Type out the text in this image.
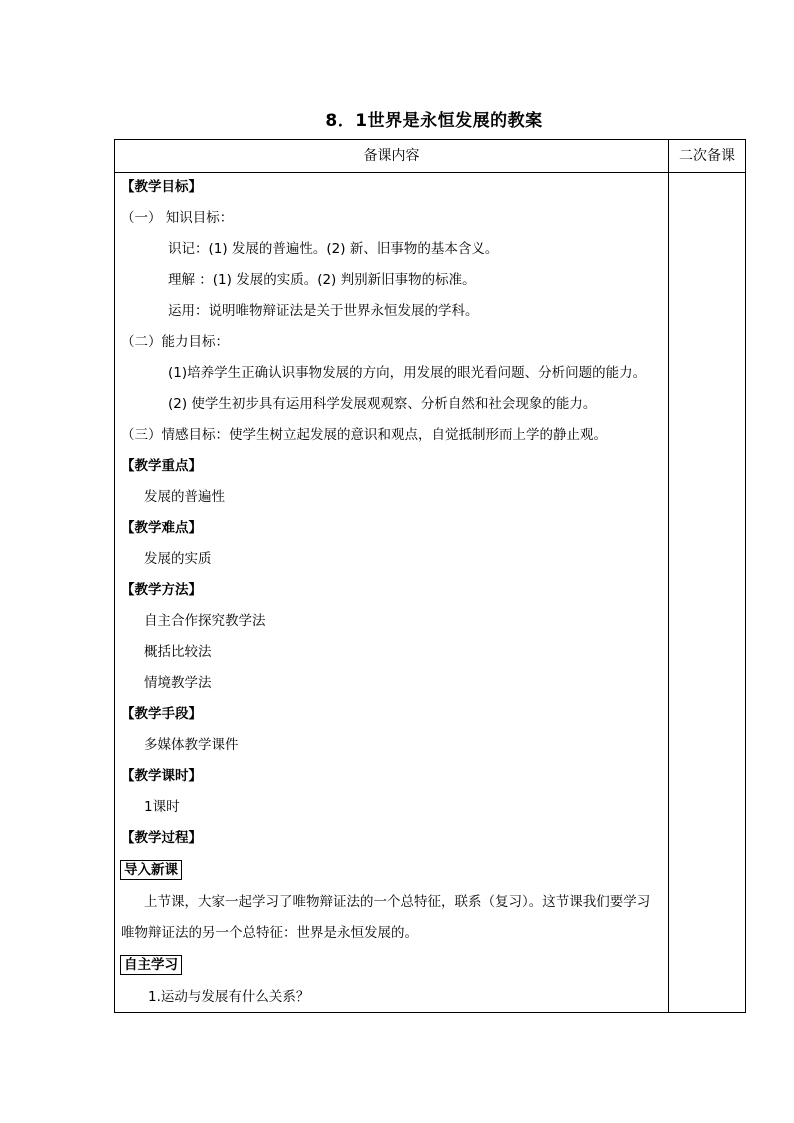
8．1世界是永恒发展的教案
备课内容	二次备课
【教学目标】
（一） 知识目标：
识记：(1) 发展的普遍性。(2) 新、旧事物的基本含义。
理解 ：(1) 发展的实质。(2) 判别新旧事物的标准。
运用：说明唯物辩证法是关于世界永恒发展的学科。
（二）能力目标：
(1)培养学生正确认识事物发展的方向，用发展的眼光看问题、分析问题的能力。
(2) 使学生初步具有运用科学发展观观察、分析自然和社会现象的能力。
（三）情感目标：使学生树立起发展的意识和观点，自觉抵制形而上学的静止观。
【教学重点】
发展的普遍性
【教学难点】
发展的实质
【教学方法】
自主合作探究教学法
概括比较法
情境教学法
【教学手段】
多媒体教学课件
【教学课时】
1课时
【教学过程】
导入新课
上节课，大家一起学习了唯物辩证法的一个总特征，联系（复习）。这节课我们要学习
唯物辩证法的另一个总特征：世界是永恒发展的。
自主学习
1.运动与发展有什么关系？
